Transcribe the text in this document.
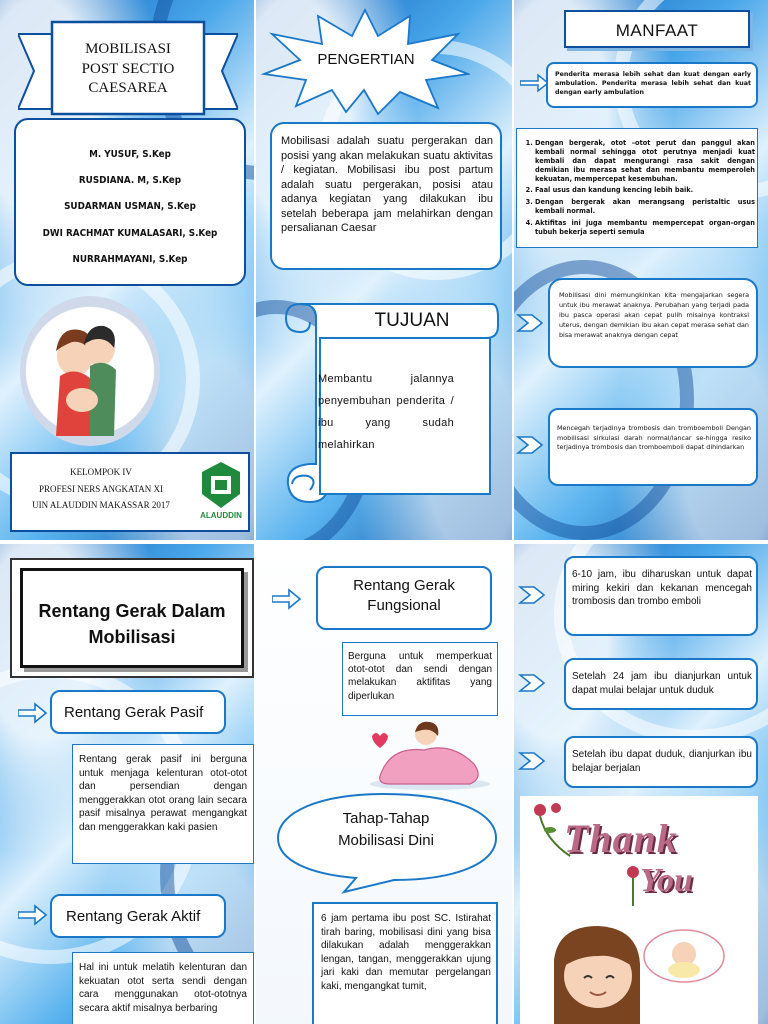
MOBILISASI
POST SECTIO
CAESAREA
M. YUSUF, S.Kep
RUSDIANA. M, S.Kep
SUDARMAN USMAN, S.Kep
DWI RACHMAT KUMALASARI, S.Kep
NURRAHMAYANI, S.Kep
KELOMPOK IV
PROFESI NERS ANGKATAN XI
UIN ALAUDDIN MAKASSAR 2017
ALAUDDIN
PENGERTIAN
Mobilisasi adalah suatu pergerakan dan posisi yang akan melakukan suatu aktivitas / kegiatan. Mobilisasi ibu post partum adalah suatu pergerakan, posisi atau adanya kegiatan yang dilakukan ibu setelah beberapa jam melahirkan dengan persalianan Caesar
TUJUAN
Membantu jalannya penyembuhan penderita / ibu yang sudah melahirkan
MANFAAT
Penderita merasa lebih sehat dan kuat dengan early ambulation. Penderita merasa lebih sehat dan kuat dengan early ambulation
1. Dengan bergerak, otot –otot perut dan panggul akan kembali normal sehingga otot perutnya menjadi kuat kembali dan dapat mengurangi rasa sakit dengan demikian ibu merasa sehat dan membantu memperoleh kekuatan, mempercepat kesembuhan.
2. Faal usus dan kandung kencing lebih baik.
3. Dengan bergerak akan merangsang peristaltic usus kembali normal.
4. Aktifitas ini juga membantu mempercepat organ-organ tubuh bekerja seperti semula
Mobilisasi dini memungkinkan kita mengajarkan segera untuk ibu merawat anaknya. Perubahan yang terjadi pada ibu pasca operasi akan cepat pulih misalnya kontraksi uterus, dengan demikian ibu akan cepat merasa sehat dan bisa merawat anaknya dengan cepat
Mencegah terjadinya trombosis dan tromboemboli Dengan mobilisasi sirkulasi darah normal/lancar se-hingga resiko terjadinya trombosis dan tromboemboli dapat dihindarkan
Rentang Gerak Dalam Mobilisasi
Rentang Gerak Pasif
Rentang gerak pasif ini berguna untuk menjaga kelenturan otot-otot dan persendian dengan menggerakkan otot orang lain secara pasif misalnya perawat mengangkat dan menggerakkan kaki pasien
Rentang Gerak Aktif
Hal ini untuk melatih kelenturan dan kekuatan otot serta sendi dengan cara menggunakan otot-ototnya secara aktif misalnya berbaring
Rentang Gerak Fungsional
Berguna untuk memperkuat otot-otot dan sendi dengan melakukan aktifitas yang diperlukan
Tahap-Tahap Mobilisasi Dini
6 jam pertama ibu post SC. Istirahat tirah baring, mobilisasi dini yang bisa dilakukan adalah menggerakkan lengan, tangan, menggerakkan ujung jari kaki dan memutar pergelangan kaki, mengangkat tumit,
6-10 jam, ibu diharuskan untuk dapat miring kekiri dan kekanan mencegah trombosis dan trombo emboli
Setelah 24 jam ibu dianjurkan untuk dapat mulai belajar untuk duduk
Setelah ibu dapat duduk, dianjurkan ibu belajar berjalan
Thank
You
